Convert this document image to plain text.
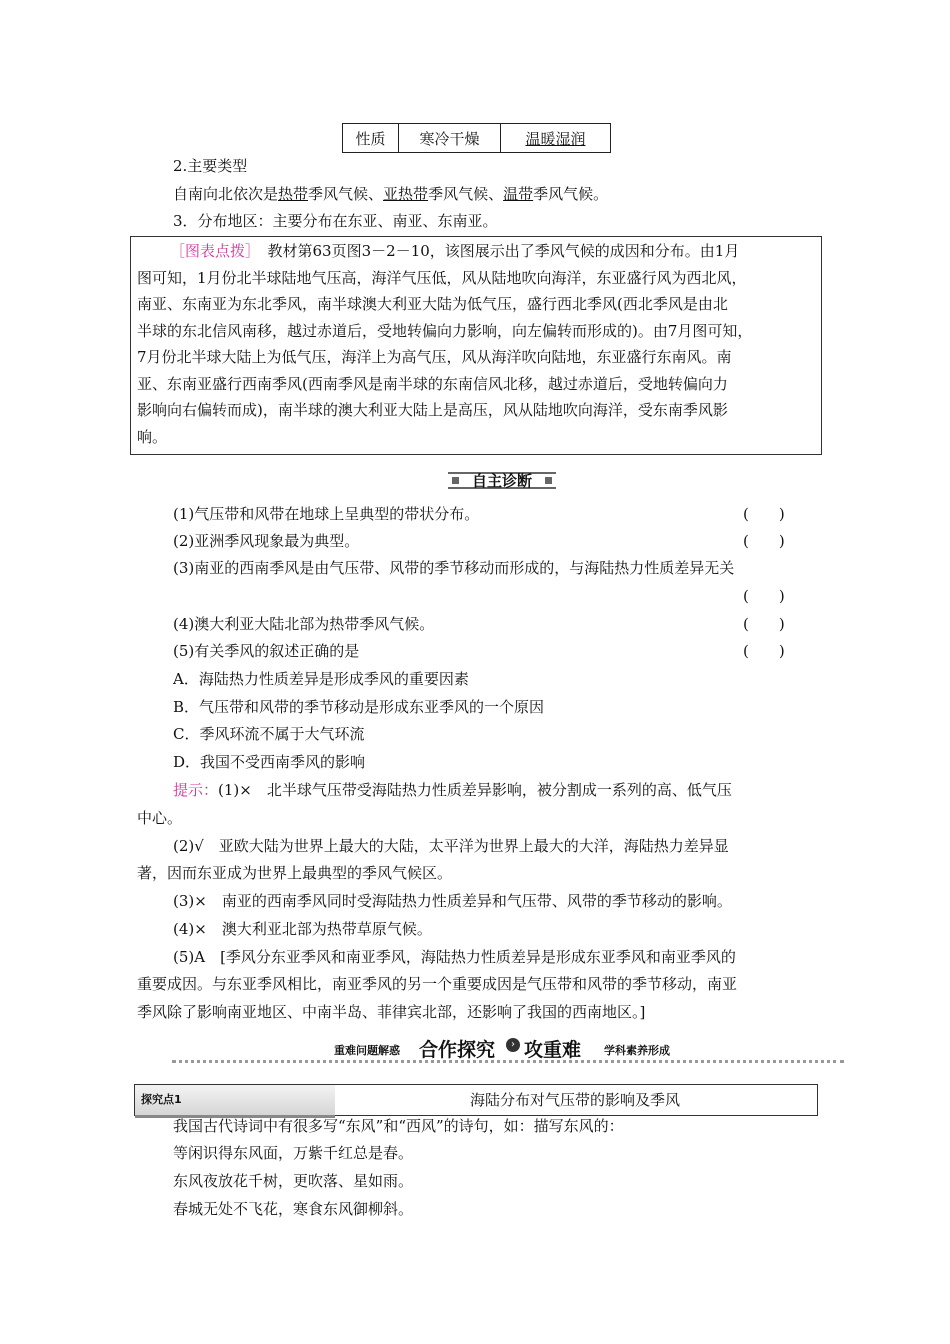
性质	寒冷干燥	温暖湿润
2.主要类型
自南向北依次是热带季风气候、亚热带季风气候、温带季风气候。
3．分布地区：主要分布在东亚、南亚、东南亚。
［图表点拨］　教材第63页图3－2－10，该图展示出了季风气候的成因和分布。由1月
图可知，1月份北半球陆地气压高，海洋气压低，风从陆地吹向海洋，东亚盛行风为西北风，
南亚、东南亚为东北季风，南半球澳大利亚大陆为低气压，盛行西北季风(西北季风是由北
半球的东北信风南移，越过赤道后，受地转偏向力影响，向左偏转而形成的)。由7月图可知，
7月份北半球大陆上为低气压，海洋上为高气压，风从海洋吹向陆地，东亚盛行东南风。南
亚、东南亚盛行西南季风(西南季风是南半球的东南信风北移，越过赤道后，受地转偏向力
影响向右偏转而成)，南半球的澳大利亚大陆上是高压，风从陆地吹向海洋，受东南季风影
响。
自主诊断
(1)气压带和风带在地球上呈典型的带状分布。	(　　)
(2)亚洲季风现象最为典型。	(　　)
(3)南亚的西南季风是由气压带、风带的季节移动而形成的，与海陆热力性质差异无关
(　　)
(4)澳大利亚大陆北部为热带季风气候。	(　　)
(5)有关季风的叙述正确的是	(　　)
A．海陆热力性质差异是形成季风的重要因素
B．气压带和风带的季节移动是形成东亚季风的一个原因
C．季风环流不属于大气环流
D．我国不受西南季风的影响
提示：(1)×　北半球气压带受海陆热力性质差异影响，被分割成一系列的高、低气压
中心。
(2)√　亚欧大陆为世界上最大的大陆，太平洋为世界上最大的大洋，海陆热力差异显
著，因而东亚成为世界上最典型的季风气候区。
(3)×　南亚的西南季风同时受海陆热力性质差异和气压带、风带的季节移动的影响。
(4)×　澳大利亚北部为热带草原气候。
(5)A　[季风分东亚季风和南亚季风，海陆热力性质差异是形成东亚季风和南亚季风的
重要成因。与东亚季风相比，南亚季风的另一个重要成因是气压带和风带的季节移动，南亚
季风除了影响南亚地区、中南半岛、菲律宾北部，还影响了我国的西南地区。]
重难问题解惑 合作探究	› 攻重难 学科素养形成
探究点1	海陆分布对气压带的影响及季风
我国古代诗词中有很多写“东风”和“西风”的诗句，如：描写东风的：
等闲识得东风面，万紫千红总是春。
东风夜放花千树，更吹落、星如雨。
春城无处不飞花，寒食东风御柳斜。
